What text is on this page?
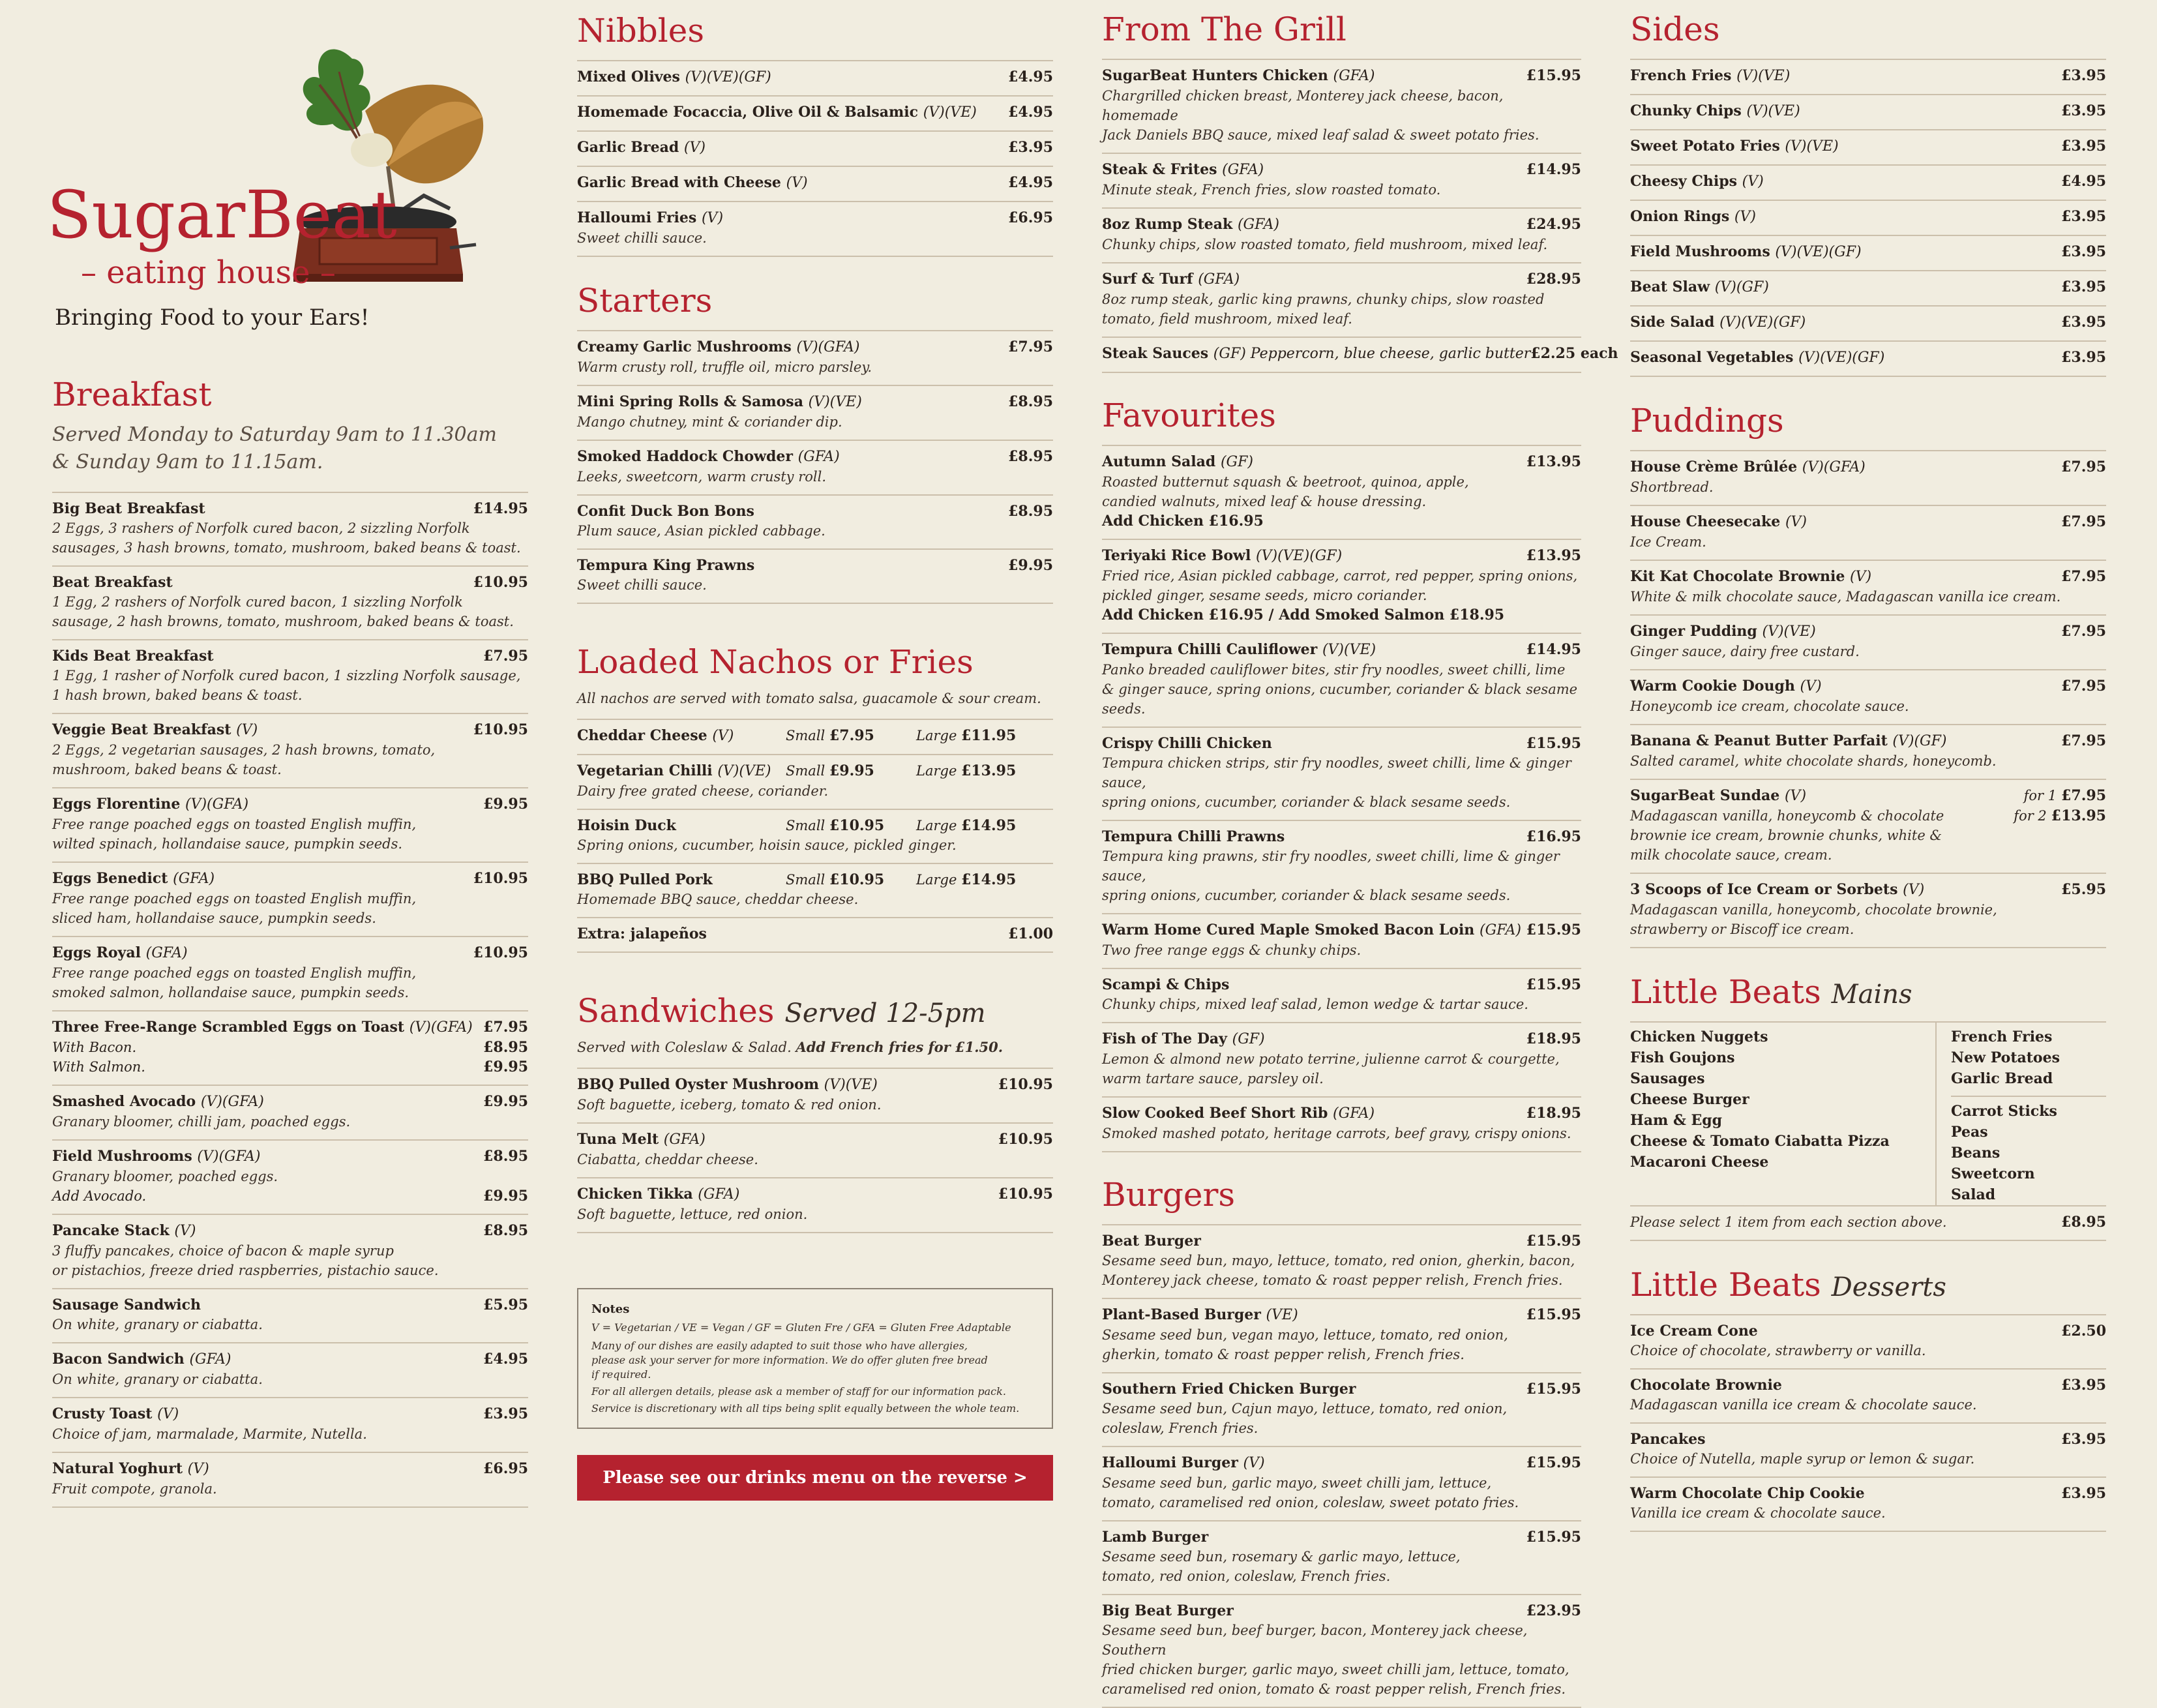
SugarBeat
– eating house –
Bringing Food to your Ears!
Breakfast
Served Monday to Saturday 9am to 11.30am
& Sunday 9am to 11.15am.
Big Beat Breakfast	£14.95
2 Eggs, 3 rashers of Norfolk cured bacon, 2 sizzling Norfolk
sausages, 3 hash browns, tomato, mushroom, baked beans & toast.
Beat Breakfast	£10.95
1 Egg, 2 rashers of Norfolk cured bacon, 1 sizzling Norfolk
sausage, 2 hash browns, tomato, mushroom, baked beans & toast.
Kids Beat Breakfast	£7.95
1 Egg, 1 rasher of Norfolk cured bacon, 1 sizzling Norfolk sausage,
1 hash brown, baked beans & toast.
Veggie Beat Breakfast (V)	£10.95
2 Eggs, 2 vegetarian sausages, 2 hash browns, tomato,
mushroom, baked beans & toast.
Eggs Florentine (V)(GFA)	£9.95
Free range poached eggs on toasted English muffin,
wilted spinach, hollandaise sauce, pumpkin seeds.
Eggs Benedict (GFA)	£10.95
Free range poached eggs on toasted English muffin,
sliced ham, hollandaise sauce, pumpkin seeds.
Eggs Royal (GFA)	£10.95
Free range poached eggs on toasted English muffin,
smoked salmon, hollandaise sauce, pumpkin seeds.
Three Free-Range Scrambled Eggs on Toast (V)(GFA) £7.95
With Bacon.	£8.95
With Salmon.	£9.95
Smashed Avocado (V)(GFA)	£9.95
Granary bloomer, chilli jam, poached eggs.
Field Mushrooms (V)(GFA)	£8.95
Granary bloomer, poached eggs.
Add Avocado.	£9.95
Pancake Stack (V)	£8.95
3 fluffy pancakes, choice of bacon & maple syrup
or pistachios, freeze dried raspberries, pistachio sauce.
Sausage Sandwich	£5.95
On white, granary or ciabatta.
Bacon Sandwich (GFA)	£4.95
On white, granary or ciabatta.
Crusty Toast (V)	£3.95
Choice of jam, marmalade, Marmite, Nutella.
Natural Yoghurt (V)	£6.95
Fruit compote, granola.
Nibbles
Mixed Olives (V)(VE)(GF)	£4.95
Homemade Focaccia, Olive Oil & Balsamic (V)(VE) £4.95
Garlic Bread (V)	£3.95
Garlic Bread with Cheese (V)	£4.95
Halloumi Fries (V)	£6.95
Sweet chilli sauce.
Starters
Creamy Garlic Mushrooms (V)(GFA)	£7.95
Warm crusty roll, truffle oil, micro parsley.
Mini Spring Rolls & Samosa (V)(VE)	£8.95
Mango chutney, mint & coriander dip.
Smoked Haddock Chowder (GFA)	£8.95
Leeks, sweetcorn, warm crusty roll.
Confit Duck Bon Bons	£8.95
Plum sauce, Asian pickled cabbage.
Tempura King Prawns	£9.95
Sweet chilli sauce.
Loaded Nachos or Fries
All nachos are served with tomato salsa, guacamole & sour cream.
Cheddar Cheese (V)	Small £7.95	Large £11.95
Vegetarian Chilli (V)(VE) Small £9.95	Large £13.95
Dairy free grated cheese, coriander.
Hoisin Duck	Small £10.95	Large £14.95
Spring onions, cucumber, hoisin sauce, pickled ginger.
BBQ Pulled Pork	Small £10.95	Large £14.95
Homemade BBQ sauce, cheddar cheese.
Extra: jalapeños	£1.00
Sandwiches Served 12-5pm
Served with Coleslaw & Salad. Add French fries for £1.50.
BBQ Pulled Oyster Mushroom (V)(VE)	£10.95
Soft baguette, iceberg, tomato & red onion.
Tuna Melt (GFA)	£10.95
Ciabatta, cheddar cheese.
Chicken Tikka (GFA)	£10.95
Soft baguette, lettuce, red onion.
Notes
V = Vegetarian / VE = Vegan / GF = Gluten Fre / GFA = Gluten Free Adaptable
Many of our dishes are easily adapted to suit those who have allergies,
please ask your server for more information. We do offer gluten free bread
if required.
For all allergen details, please ask a member of staff for our information pack.
Service is discretionary with all tips being split equally between the whole team.
Please see our drinks menu on the reverse >
From The Grill
SugarBeat Hunters Chicken (GFA)	£15.95
Chargrilled chicken breast, Monterey jack cheese, bacon, homemade
Jack Daniels BBQ sauce, mixed leaf salad & sweet potato fries.
Steak & Frites (GFA)	£14.95
Minute steak, French fries, slow roasted tomato.
8oz Rump Steak (GFA)	£24.95
Chunky chips, slow roasted tomato, field mushroom, mixed leaf.
Surf & Turf (GFA)	£28.95
8oz rump steak, garlic king prawns, chunky chips, slow roasted
tomato, field mushroom, mixed leaf.
Steak Sauces (GF) Peppercorn, blue cheese, garlic butter £2.25 each
Favourites
Autumn Salad (GF)	£13.95
Roasted butternut squash & beetroot, quinoa, apple,
candied walnuts, mixed leaf & house dressing.
Add Chicken £16.95
Teriyaki Rice Bowl (V)(VE)(GF)	£13.95
Fried rice, Asian pickled cabbage, carrot, red pepper, spring onions,
pickled ginger, sesame seeds, micro coriander.
Add Chicken £16.95 / Add Smoked Salmon £18.95
Tempura Chilli Cauliflower (V)(VE)	£14.95
Panko breaded cauliflower bites, stir fry noodles, sweet chilli, lime
& ginger sauce, spring onions, cucumber, coriander & black sesame seeds.
Crispy Chilli Chicken	£15.95
Tempura chicken strips, stir fry noodles, sweet chilli, lime & ginger sauce,
spring onions, cucumber, coriander & black sesame seeds.
Tempura Chilli Prawns	£16.95
Tempura king prawns, stir fry noodles, sweet chilli, lime & ginger sauce,
spring onions, cucumber, coriander & black sesame seeds.
Warm Home Cured Maple Smoked Bacon Loin (GFA) £15.95
Two free range eggs & chunky chips.
Scampi & Chips	£15.95
Chunky chips, mixed leaf salad, lemon wedge & tartar sauce.
Fish of The Day (GF)	£18.95
Lemon & almond new potato terrine, julienne carrot & courgette,
warm tartare sauce, parsley oil.
Slow Cooked Beef Short Rib (GFA)	£18.95
Smoked mashed potato, heritage carrots, beef gravy, crispy onions.
Burgers
Beat Burger	£15.95
Sesame seed bun, mayo, lettuce, tomato, red onion, gherkin, bacon,
Monterey jack cheese, tomato & roast pepper relish, French fries.
Plant-Based Burger (VE)	£15.95
Sesame seed bun, vegan mayo, lettuce, tomato, red onion,
gherkin, tomato & roast pepper relish, French fries.
Southern Fried Chicken Burger	£15.95
Sesame seed bun, Cajun mayo, lettuce, tomato, red onion,
coleslaw, French fries.
Halloumi Burger (V)	£15.95
Sesame seed bun, garlic mayo, sweet chilli jam, lettuce,
tomato, caramelised red onion, coleslaw, sweet potato fries.
Lamb Burger	£15.95
Sesame seed bun, rosemary & garlic mayo, lettuce,
tomato, red onion, coleslaw, French fries.
Big Beat Burger	£23.95
Sesame seed bun, beef burger, bacon, Monterey jack cheese, Southern
fried chicken burger, garlic mayo, sweet chilli jam, lettuce, tomato,
caramelised red onion, tomato & roast pepper relish, French fries.
Sides
French Fries (V)(VE)	£3.95
Chunky Chips (V)(VE)	£3.95
Sweet Potato Fries (V)(VE)	£3.95
Cheesy Chips (V)	£4.95
Onion Rings (V)	£3.95
Field Mushrooms (V)(VE)(GF)	£3.95
Beat Slaw (V)(GF)	£3.95
Side Salad (V)(VE)(GF)	£3.95
Seasonal Vegetables (V)(VE)(GF)	£3.95
Puddings
House Crème Brûlée (V)(GFA)	£7.95
Shortbread.
House Cheesecake (V)	£7.95
Ice Cream.
Kit Kat Chocolate Brownie (V)	£7.95
White & milk chocolate sauce, Madagascan vanilla ice cream.
Ginger Pudding (V)(VE)	£7.95
Ginger sauce, dairy free custard.
Warm Cookie Dough (V)	£7.95
Honeycomb ice cream, chocolate sauce.
Banana & Peanut Butter Parfait (V)(GF)	£7.95
Salted caramel, white chocolate shards, honeycomb.
SugarBeat Sundae (V)
Madagascan vanilla, honeycomb & chocolate
brownie ice cream, brownie chunks, white &
milk chocolate sauce, cream.
for 1 £7.95
for 2 £13.95
3 Scoops of Ice Cream or Sorbets (V)	£5.95
Madagascan vanilla, honeycomb, chocolate brownie,
strawberry or Biscoff ice cream.
Little Beats Mains
Chicken Nuggets
Fish Goujons
Sausages
Cheese Burger
Ham & Egg
Cheese & Tomato Ciabatta Pizza
Macaroni Cheese
French Fries
New Potatoes
Garlic Bread
Carrot Sticks
Peas
Beans
Sweetcorn
Salad
Please select 1 item from each section above.	£8.95
Little Beats Desserts
Ice Cream Cone	£2.50
Choice of chocolate, strawberry or vanilla.
Chocolate Brownie	£3.95
Madagascan vanilla ice cream & chocolate sauce.
Pancakes	£3.95
Choice of Nutella, maple syrup or lemon & sugar.
Warm Chocolate Chip Cookie	£3.95
Vanilla ice cream & chocolate sauce.
